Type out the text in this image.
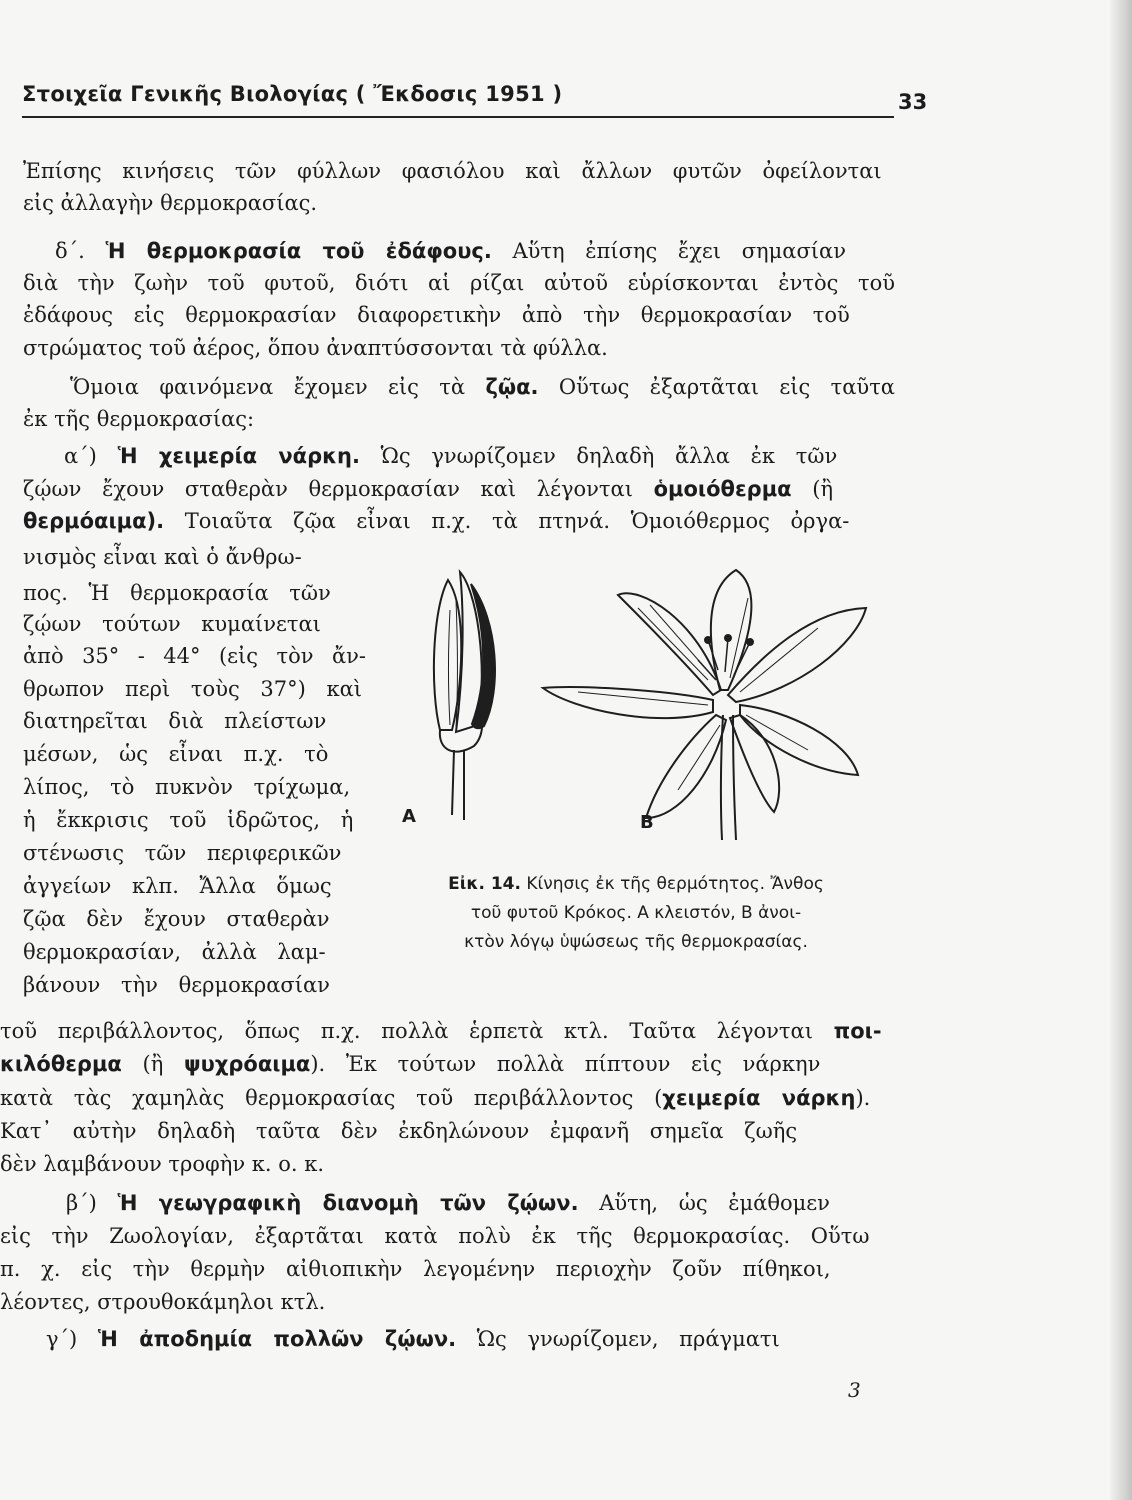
Στοιχεῖα Γενικῆς Βιολογίας ( Ἔκδοσις 1951 )	33
Ἐπίσης κινήσεις τῶν φύλλων φασιόλου καὶ ἄλλων φυτῶν ὀφείλονται
εἰς ἀλλαγὴν θερμοκρασίας.
δ΄. Ἡ θερμοκρασία τοῦ ἐδάφους. Αὕτη ἐπίσης ἔχει σημασίαν
διὰ τὴν ζωὴν τοῦ φυτοῦ, διότι αἱ ρίζαι αὐτοῦ εὑρίσκονται ἐντὸς τοῦ
ἐδάφους εἰς θερμοκρασίαν διαφορετικὴν ἀπὸ τὴν θερμοκρασίαν τοῦ
στρώματος τοῦ ἀέρος, ὅπου ἀναπτύσσονται τὰ φύλλα.
Ὅμοια φαινόμενα ἔχομεν εἰς τὰ ζῷα. Οὕτως ἐξαρτᾶται εἰς ταῦτα
ἐκ τῆς θερμοκρασίας:
α΄) Ἡ χειμερία νάρκη. Ὡς γνωρίζομεν δηλαδὴ ἄλλα ἐκ τῶν
ζῴων ἔχουν σταθερὰν θερμοκρασίαν καὶ λέγονται ὁμοιόθερμα (ἢ
θερμόαιμα). Τοιαῦτα ζῷα εἶναι π.χ. τὰ πτηνά. Ὁμοιόθερμος ὀργα-
νισμὸς εἶναι καὶ ὁ ἄνθρω-
πος. Ἡ θερμοκρασία τῶν
ζῴων τούτων κυμαίνεται
ἀπὸ 35° - 44° (εἰς τὸν ἄν-
θρωπον περὶ τοὺς 37°) καὶ
διατηρεῖται διὰ πλείστων
μέσων, ὡς εἶναι π.χ. τὸ
λίπος, τὸ πυκνὸν τρίχωμα,
ἡ ἔκκρισις τοῦ ἱδρῶτος, ἡ
στένωσις τῶν περιφερικῶν
ἀγγείων κλπ. Ἄλλα ὅμως
ζῷα δὲν ἔχουν σταθερὰν
θερμοκρασίαν, ἀλλὰ λαμ-
βάνουν τὴν θερμοκρασίαν
τοῦ περιβάλλοντος, ὅπως π.χ. πολλὰ ἑρπετὰ κτλ. Ταῦτα λέγονται ποι-
κιλόθερμα (ἢ ψυχρόαιμα). Ἐκ τούτων πολλὰ πίπτουν εἰς νάρκην
κατὰ τὰς χαμηλὰς θερμοκρασίας τοῦ περιβάλλοντος (χειμερία νάρκη).
Κατ᾿ αὐτὴν δηλαδὴ ταῦτα δὲν ἐκδηλώνουν ἐμφανῆ σημεῖα ζωῆς
δὲν λαμβάνουν τροφὴν κ. ο. κ.
β΄) Ἡ γεωγραφικὴ διανομὴ τῶν ζῴων. Αὕτη, ὡς ἐμάθομεν
εἰς τὴν Ζωολογίαν, ἐξαρτᾶται κατὰ πολὺ ἐκ τῆς θερμοκρασίας. Οὕτω
π. χ. εἰς τὴν θερμὴν αἰθιοπικὴν λεγομένην περιοχὴν ζοῦν πίθηκοι,
λέοντες, στρουθοκάμηλοι κτλ.
γ΄) Ἡ ἀποδημία πολλῶν ζῴων. Ὡς γνωρίζομεν, πράγματι
A	B
Εἰκ. 14. Κίνησις ἐκ τῆς θερμότητος. Ἄνθος
τοῦ φυτοῦ Κρόκος. Α κλειστόν, Β ἀνοι-
κτὸν λόγῳ ὑψώσεως τῆς θερμοκρασίας.
3
